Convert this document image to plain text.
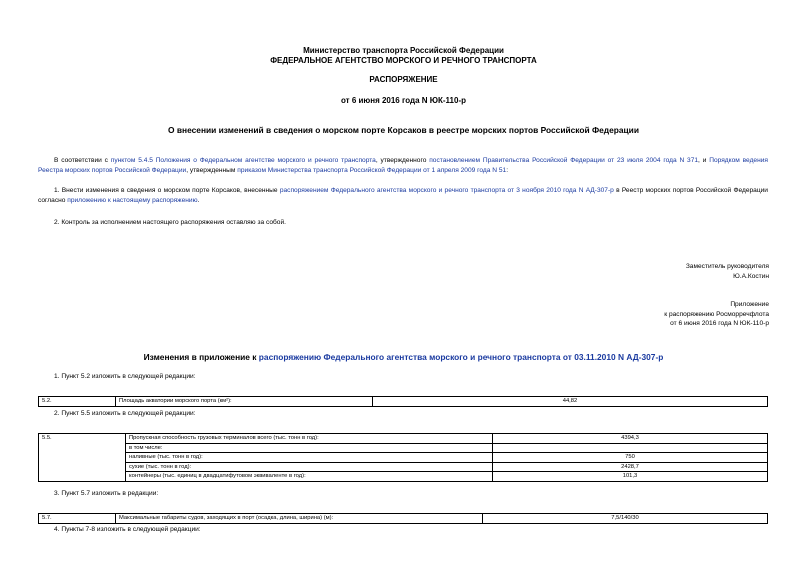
Министерство транспорта Российской Федерации
ФЕДЕРАЛЬНОЕ АГЕНТСТВО МОРСКОГО И РЕЧНОГО ТРАНСПОРТА
РАСПОРЯЖЕНИЕ
от 6 июня 2016 года N ЮК-110-р
О внесении изменений в сведения о морском порте Корсаков в реестре морских портов Российской Федерации

В соответствии с пунктом 5.4.5 Положения о Федеральном агентстве морского и речного транспорта, утвержденного постановлением Правительства Российской Федерации от 23 июля 2004 года N 371, и Порядком ведения Реестра морских портов Российской Федерации, утвержденным приказом Министерства транспорта Российской Федерации от 1 апреля 2009 года N 51:

1. Внести изменения в сведения о морском порте Корсаков, внесенные распоряжением Федерального агентства морского и речного транспорта от 3 ноября 2010 года N АД-307-р в Реестр морских портов Российской Федерации согласно приложению к настоящему распоряжению.

2. Контроль за исполнением настоящего распоряжения оставляю за собой.

Заместитель руководителя
Ю.А.Костин
Приложение
к распоряжению Росморречфлота
от 6 июня 2016 года N ЮК-110-р
Изменения в приложение к распоряжению Федерального агентства морского и речного транспорта от 03.11.2010 N АД-307-р
1. Пункт 5.2 изложить в следующей редакции:
5.2.	Площадь акватории морского порта (км²):	44,82
2. Пункт 5.5 изложить в следующей редакции:
5.5.	Пропускная способность грузовых терминалов всего (тыс. тонн в год):	4394,3
	в том числе:	
	наливные (тыс. тонн в год):	750
	сухие (тыс. тонн в год):	2428,7
	контейнеры (тыс. единиц в двадцатифутовом эквиваленте в год):	101,3
3. Пункт 5.7 изложить в редакции:
5.7.	Максимальные габариты судов, заходящих в порт (осадка, длина, ширина) (м):	7,5/140/30
4. Пункты 7-8 изложить в следующей редакции:
